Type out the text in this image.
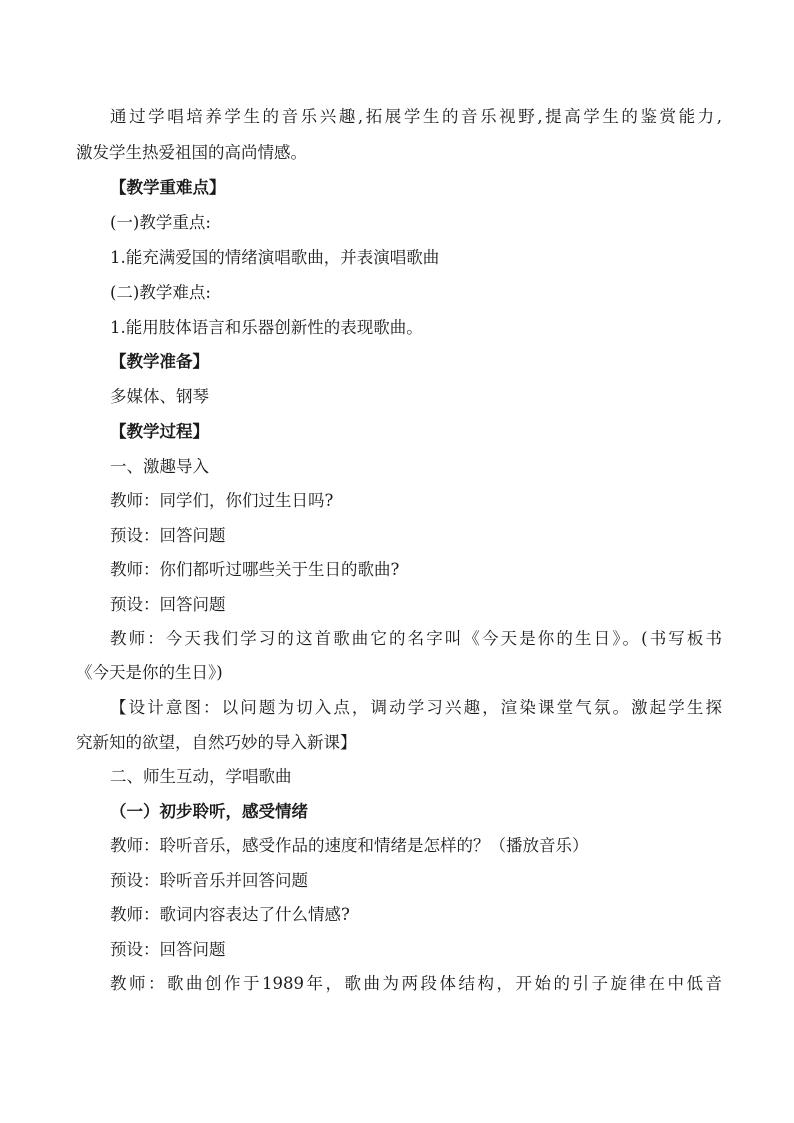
通过学唱培养学生的音乐兴趣,拓展学生的音乐视野,提高学生的鉴赏能力,
激发学生热爱祖国的高尚情感。
【教学重难点】
(一)教学重点:
1.能充满爱国的情绪演唱歌曲，并表演唱歌曲
(二)教学难点:
1.能用肢体语言和乐器创新性的表现歌曲。
【教学准备】
多媒体、钢琴
【教学过程】
一、激趣导入
教师：同学们，你们过生日吗?
预设：回答问题
教师：你们都听过哪些关于生日的歌曲?
预设：回答问题
教师：今天我们学习的这首歌曲它的名字叫《今天是你的生日》。(书写板书
《今天是你的生日》)
【设计意图：以问题为切入点，调动学习兴趣，渲染课堂气氛。激起学生探
究新知的欲望，自然巧妙的导入新课】
二、师生互动，学唱歌曲
（一）初步聆听，感受情绪
教师：聆听音乐，感受作品的速度和情绪是怎样的？（播放音乐）
预设：聆听音乐并回答问题
教师：歌词内容表达了什么情感?
预设：回答问题
教师：歌曲创作于1989年，歌曲为两段体结构，开始的引子旋律在中低音
